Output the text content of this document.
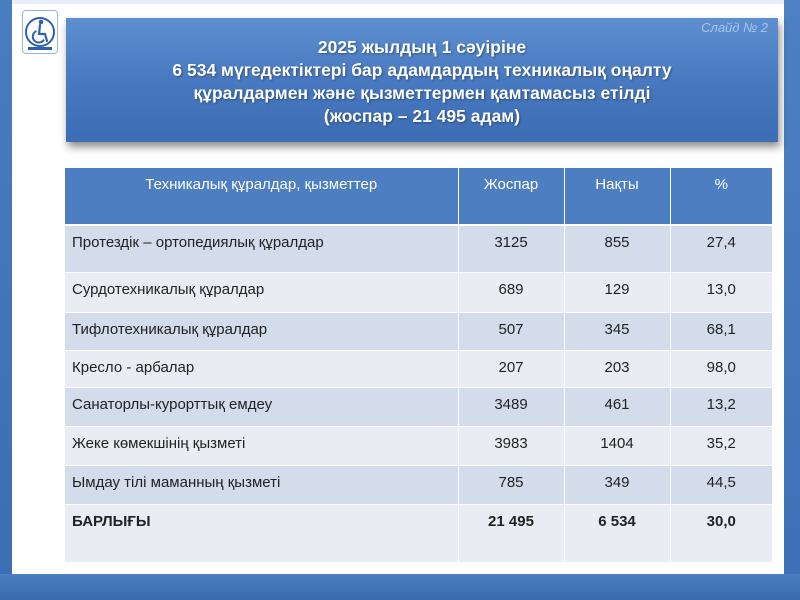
Слайд № 2
2025 жылдың 1 сәуіріне
6 534 мүгедектіктері бар адамдардың техникалық оңалту
құралдармен және қызметтермен қамтамасыз етілді
(жоспар – 21 495 адам)
Техникалық құралдар, қызметтер	Жоспар	Нақты	%

Протездік – ортопедиялық құралдар	3125	855	27,4

Сурдотехникалық құралдар	689	129	13,0

Тифлотехникалық құралдар	507	345	68,1

Кресло - арбалар	207	203	98,0

Санаторлы-курорттық емдеу	3489	461	13,2

Жеке көмекшінің қызметі	3983	1404	35,2

Ымдау тілі маманның қызметі	785	349	44,5

БАРЛЫҒЫ	21 495	6 534	30,0
